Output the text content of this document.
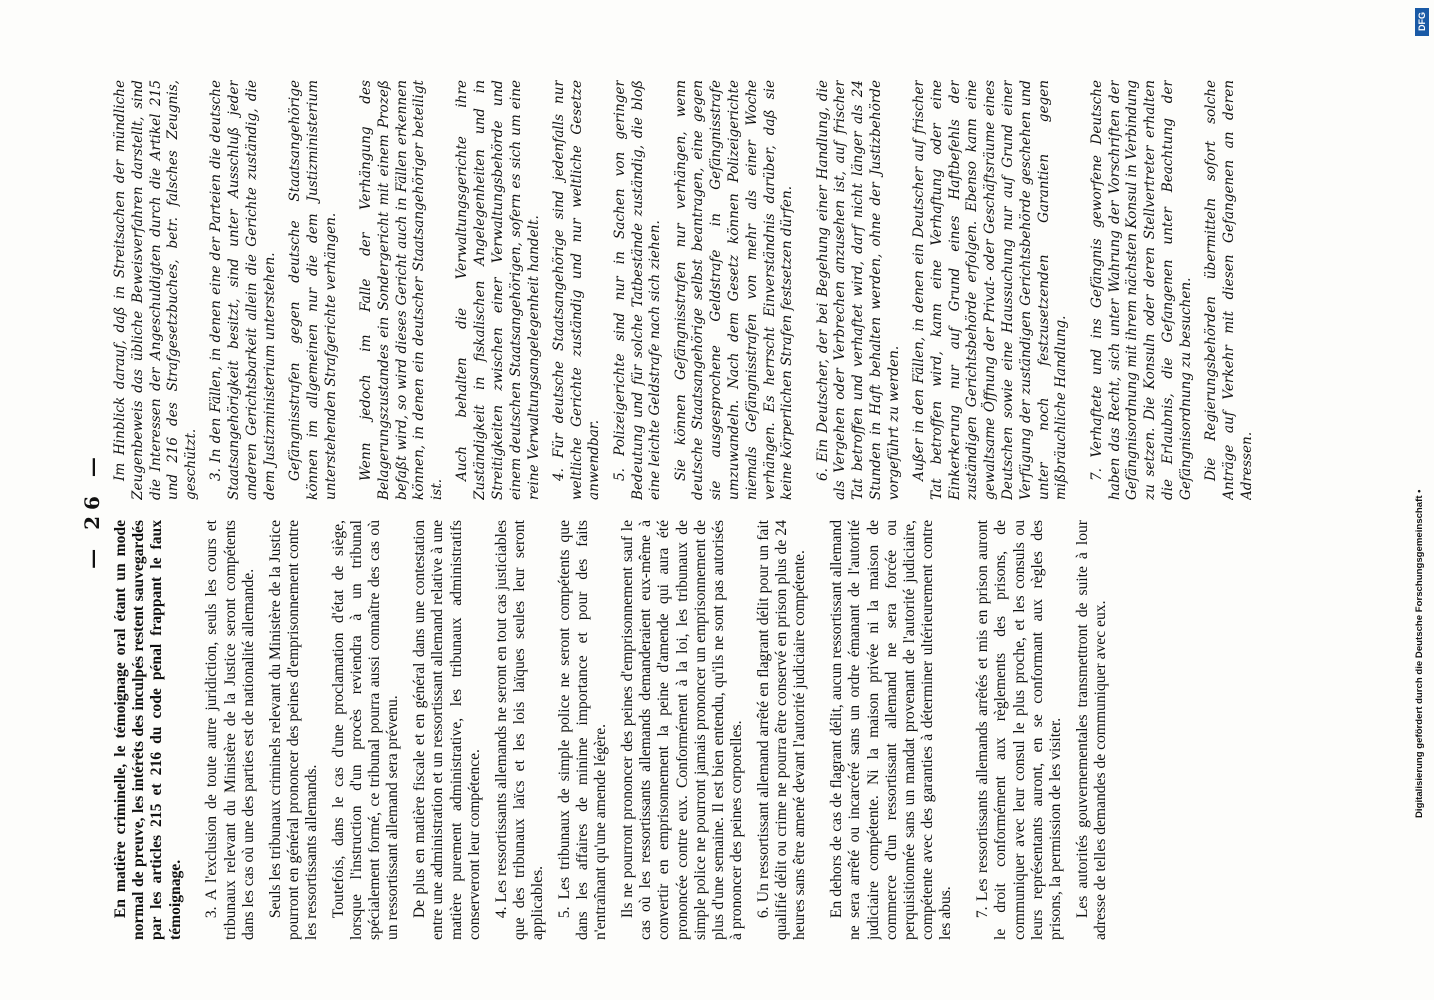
— 26 —

En matière criminelle, le témoignage oral étant un mode normal de preuve, les intérêts des inculpés restent sauvegardés par les articles 215 et 216 du code pénal frappant le faux témoignage. 3. A l'exclusion de toute autre juridiction, seuls les cours et tribunaux relevant du Ministère de la Justice seront compétents dans les cas où une des parties est de nationalité allemande. Seuls les tribunaux criminels relevant du Ministère de la Justice pourront en général prononcer des peines d'emprisonnement contre les ressortissants allemands. Toutefois, dans le cas d'une proclamation d'état de siège, lorsque l'instruction d'un procès reviendra à un tribunal spécialement formé, ce tribunal pourra aussi connaître des cas où un ressortissant allemand sera prévenu. De plus en matière fiscale et en général dans une contestation entre une administration et un ressortissant allemand relative à une matière purement administrative, les tribunaux administratifs conserveront leur compétence. 4. Les ressortissants allemands ne seront en tout cas justiciables que des tribunaux laïcs et les lois laïques seules leur seront applicables. 5. Les tribunaux de simple police ne seront compétents que dans les affaires de minime importance et pour des faits n'entraînant qu'une amende légère. Ils ne pourront prononcer des peines d'emprisonnement sauf le cas où les ressortissants allemands demanderaient eux-même à convertir en emprisonnement la peine d'amende qui aura été prononcée contre eux. Conformément à la loi, les tribunaux de simple police ne pourront jamais prononcer un emprisonnement de plus d'une semaine. Il est bien entendu, qu'ils ne sont pas autorisés à prononcer des peines corporelles. 6. Un ressortissant allemand arrêté en flagrant délit pour un fait qualifié délit ou crime ne pourra être conservé en prison plus de 24 heures sans être amené devant l'autorité judiciaire compétente. En dehors de cas de flagrant délit, aucun ressortissant allemand ne sera arrêté ou incarcéré sans un ordre émanant de l'autorité judiciaire compétente. Ni la maison privée ni la maison de commerce d'un ressortissant allemand ne sera forcée ou perquisitionnée sans un mandat provenant de l'autorité judiciaire, compétente avec des garanties à déterminer ultérieurement contre les abus. 7. Les ressortissants allemands arrêtés et mis en prison auront le droit conformément aux règlements des prisons, de communiquer avec leur consul le plus proche, et les consuls ou leurs représentants auront, en se conformant aux règles des prisons, la permission de les visiter. Les autorités gouvernementales transmettront de suite à lour adresse de telles demandes de communiquer avec eux.

Im Hinblick darauf, daß in Streitsachen der mündliche Zeugenbeweis das übliche Beweisverfahren darstellt, sind die Interessen der Angeschuldigten durch die Artikel 215 und 216 des Strafgesetzbuches, betr. falsches Zeugnis, geschützt. 3. In den Fällen, in denen eine der Parteien die deutsche Staatsangehörigkeit besitzt, sind unter Ausschluß jeder anderen Gerichtsbarkeit allein die Gerichte zuständig, die dem Justizministerium unterstehen. Gefängnisstrafen gegen deutsche Staatsangehörige können im allgemeinen nur die dem Justizministerium unterstehenden Strafgerichte verhängen. Wenn jedoch im Falle der Verhängung des Belagerungszustandes ein Sondergericht mit einem Prozeß befaßt wird, so wird dieses Gericht auch in Fällen erkennen können, in denen ein deutscher Staatsangehöriger beteiligt ist.

Auch behalten die Verwaltungsgerichte ihre Zuständigkeit in fiskalischen Angelegenheiten und in Streitigkeiten zwischen einer Verwaltungsbehörde und einem deutschen Staatsangehörigen, sofern es sich um eine reine Verwaltungsangelegenheit handelt. 4. Für deutsche Staatsangehörige sind jedenfalls nur weltliche Gerichte zuständig und nur weltliche Gesetze anwendbar. 5. Polizeigerichte sind nur in Sachen von geringer Bedeutung und für solche Tatbestände zuständig, die bloß eine leichte Geldstrafe nach sich ziehen. Sie können Gefängnisstrafen nur verhängen, wenn deutsche Staatsangehörige selbst beantragen, eine gegen sie ausgesprochene Geldstrafe in Gefängnisstrafe umzuwandeln. Nach dem Gesetz können Polizeigerichte niemals Gefängnisstrafen von mehr als einer Woche verhängen. Es herrscht Einverständnis darüber, daß sie keine körperlichen Strafen festsetzen dürfen. 6. Ein Deutscher, der bei Begehung einer Handlung, die als Vergehen oder Verbrechen anzusehen ist, auf frischer Tat betroffen und verhaftet wird, darf nicht länger als 24 Stunden in Haft behalten werden, ohne der Justizbehörde vorgeführt zu werden. Außer in den Fällen, in denen ein Deutscher auf frischer Tat betroffen wird, kann eine Verhaftung oder eine Einkerkerung nur auf Grund eines Haftbefehls der zuständigen Gerichtsbehörde erfolgen. Ebenso kann eine gewaltsame Öffnung der Privat- oder Geschäftsräume eines Deutschen sowie eine Haussuchung nur auf Grund einer Verfügung der zuständigen Gerichtsbehörde geschehen und unter noch festzusetzenden Garantien gegen mißbräuchliche Handlung. 7. Verhaftete und ins Gefängnis geworfene Deutsche haben das Recht, sich unter Wahrung der Vorschriften der Gefängnisordnung mit ihrem nächsten Konsul in Verbindung zu setzen. Die Konsuln oder deren Stellvertreter erhalten die Erlaubnis, die Gefangenen unter Beachtung der Gefängnisordnung zu besuchen. Die Regierungsbehörden übermitteln sofort solche Anträge auf Verkehr mit diesen Gefangenen an deren Adressen.

Digitalisierung gefördert durch die Deutsche Forschungsgemeinschaft •
DFG
